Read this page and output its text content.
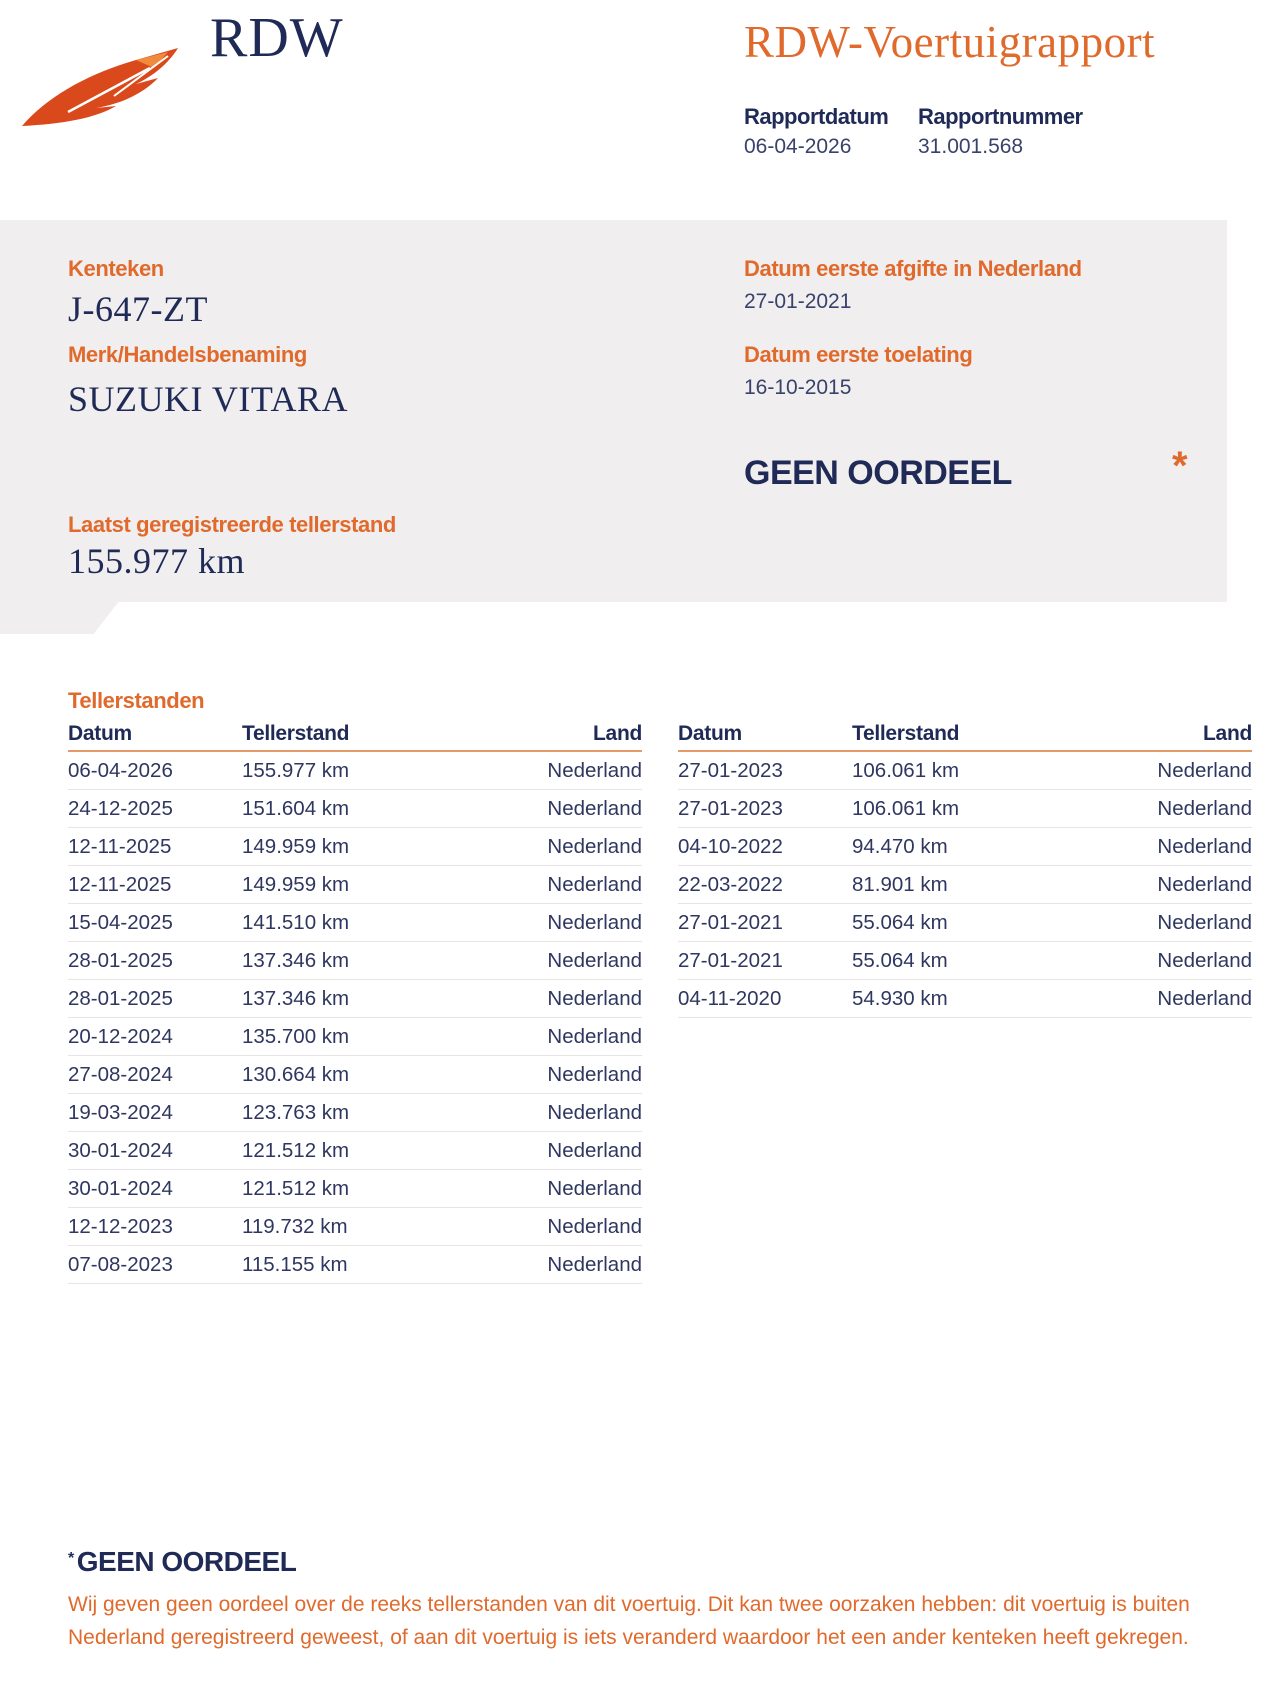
RDW	RDW-Voertuigrapport
Rapportdatum
06-04-2026
Rapportnummer
31.001.568
Kenteken
J-647-ZT
Merk/Handelsbenaming
SUZUKI VITARA
Laatst geregistreerde tellerstand
155.977 km
Datum eerste afgifte in Nederland
27-01-2021
Datum eerste toelating
16-10-2015
GEEN OORDEEL	*
Tellerstanden
Datum	Tellerstand	Land
06-04-2026	155.977 km	Nederland
24-12-2025	151.604 km	Nederland
12-11-2025	149.959 km	Nederland
12-11-2025	149.959 km	Nederland
15-04-2025	141.510 km	Nederland
28-01-2025	137.346 km	Nederland
28-01-2025	137.346 km	Nederland
20-12-2024	135.700 km	Nederland
27-08-2024	130.664 km	Nederland
19-03-2024	123.763 km	Nederland
30-01-2024	121.512 km	Nederland
30-01-2024	121.512 km	Nederland
12-12-2023	119.732 km	Nederland
07-08-2023	115.155 km	Nederland
Datum	Tellerstand	Land
27-01-2023	106.061 km	Nederland
27-01-2023	106.061 km	Nederland
04-10-2022	94.470 km	Nederland
22-03-2022	81.901 km	Nederland
27-01-2021	55.064 km	Nederland
27-01-2021	55.064 km	Nederland
04-11-2020	54.930 km	Nederland
* GEEN OORDEEL
Wij geven geen oordeel over de reeks tellerstanden van dit voertuig. Dit kan twee oorzaken hebben: dit voertuig is buiten Nederland geregistreerd geweest, of aan dit voertuig is iets veranderd waardoor het een ander kenteken heeft gekregen.
